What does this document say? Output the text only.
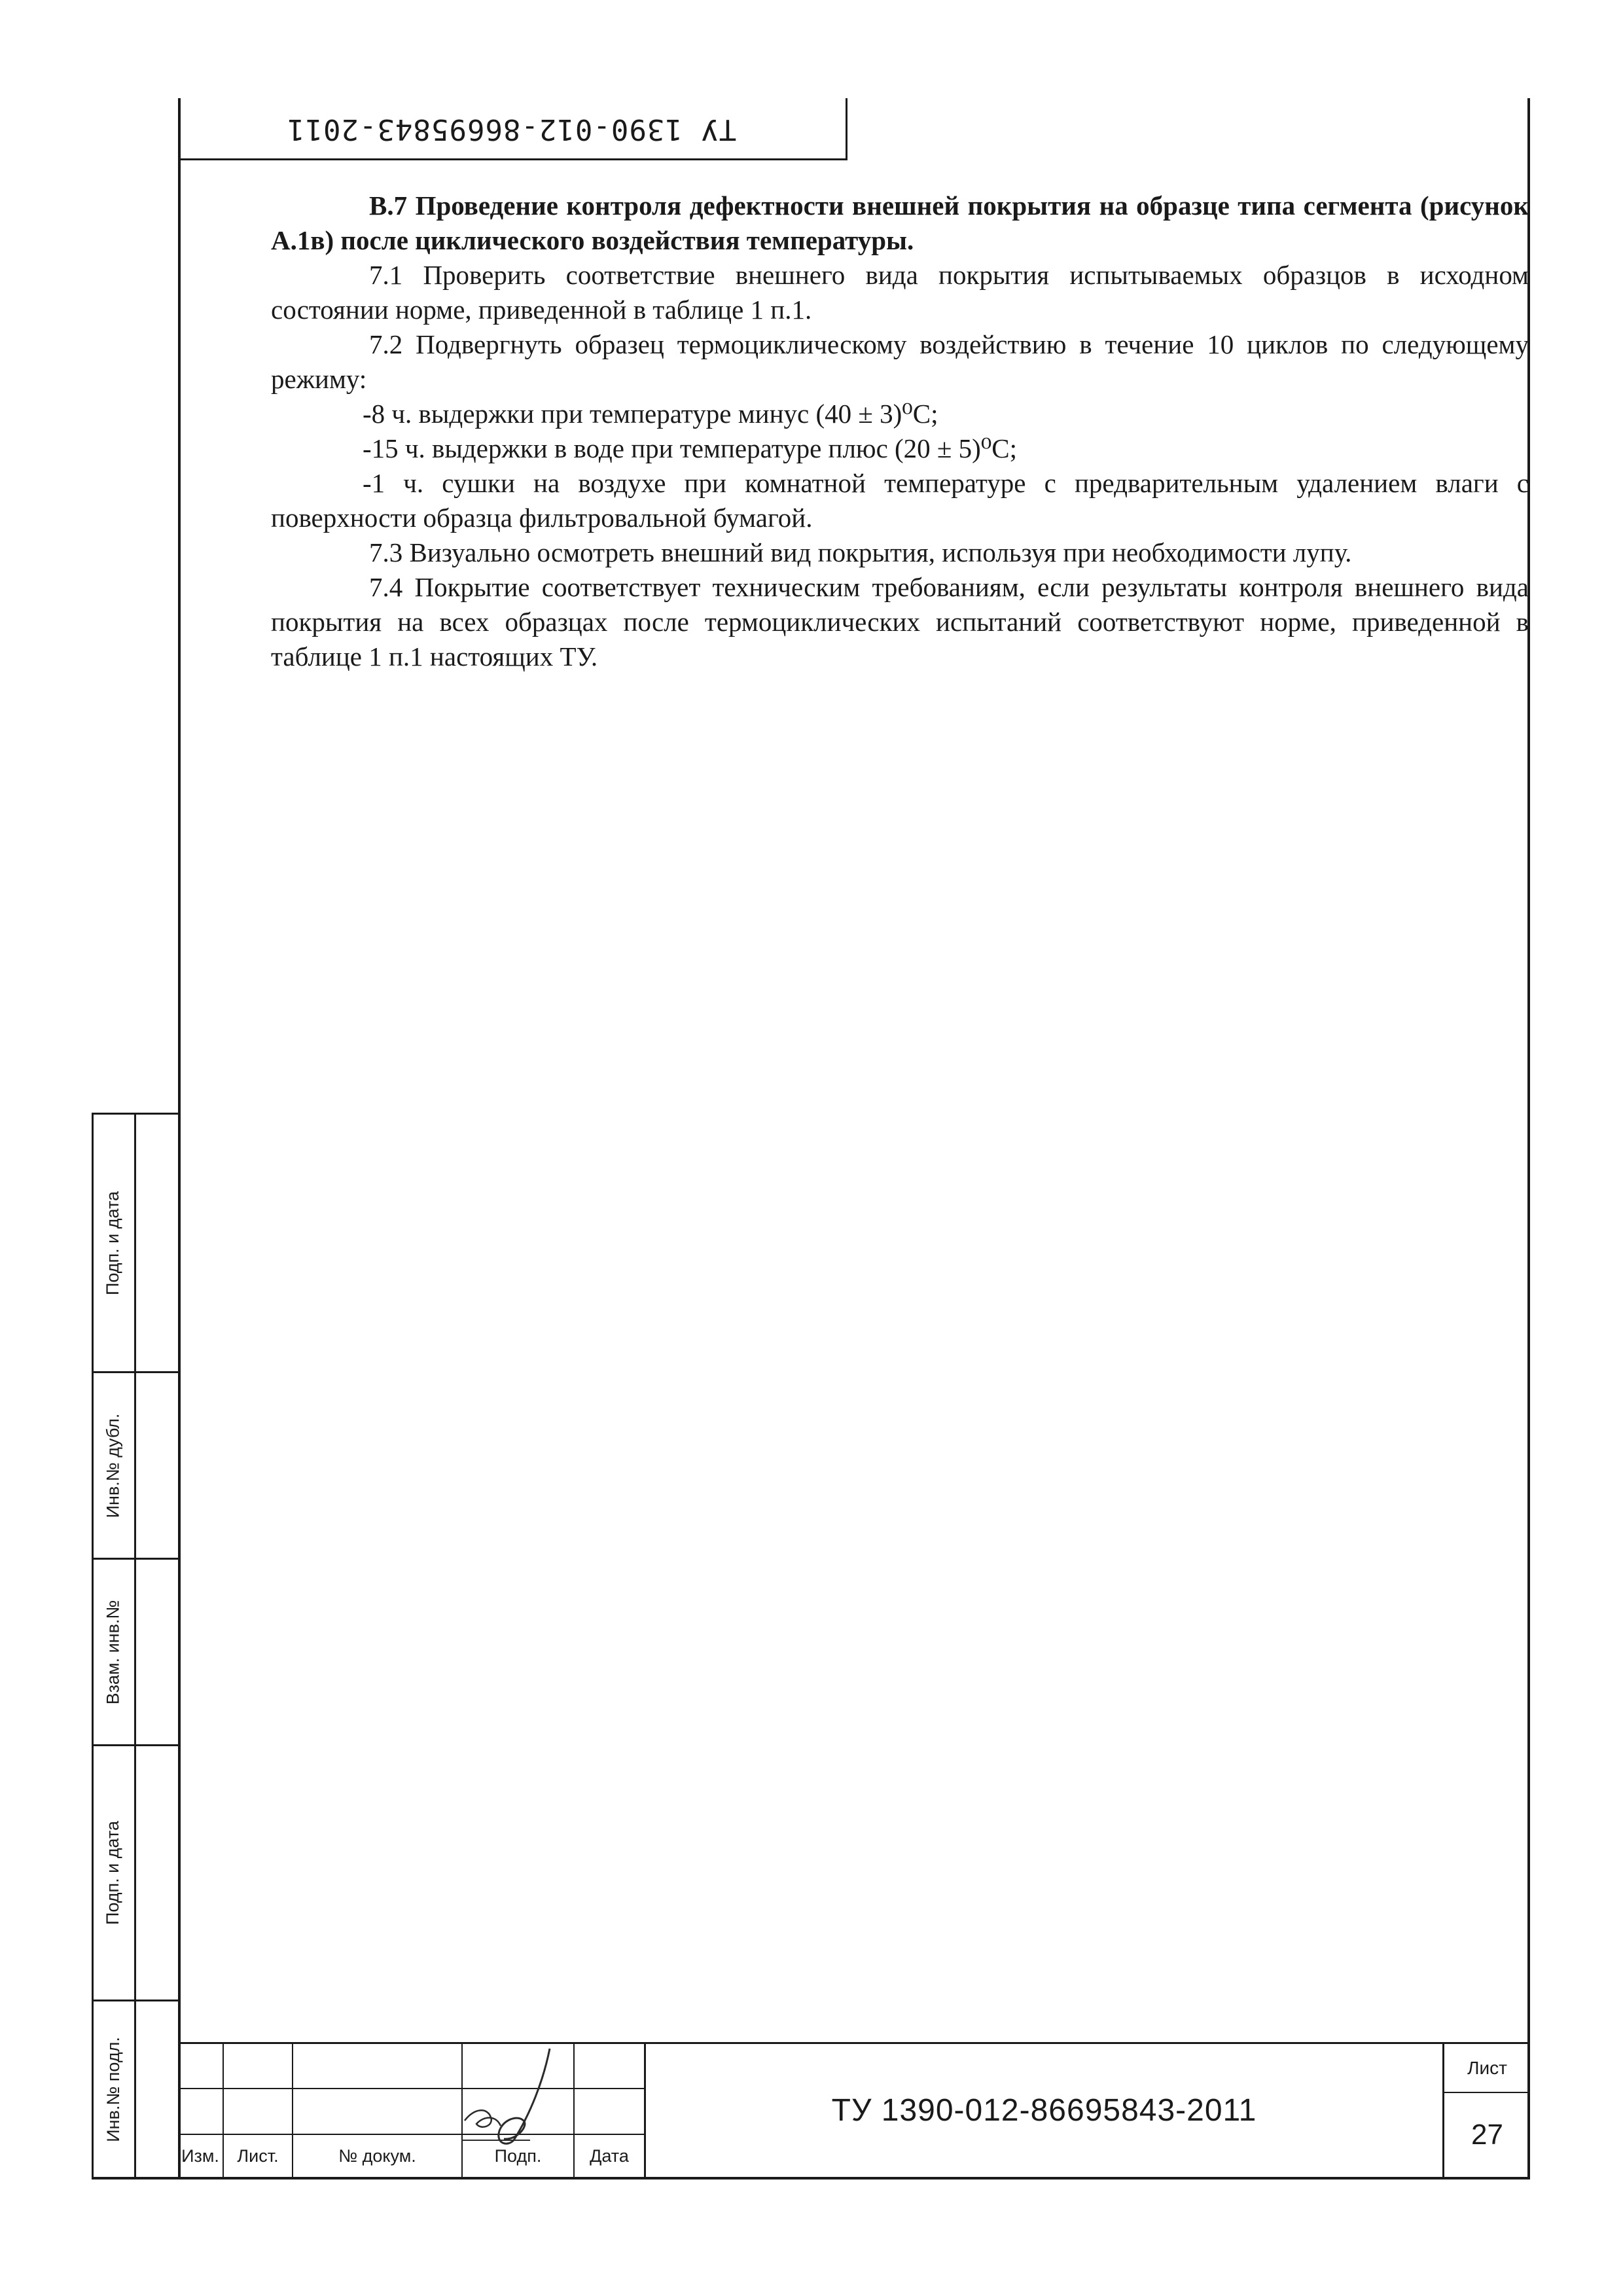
ТУ 1390-012-86695843-2011

В.7 Проведение контроля дефектности внешней покрытия на образце типа сегмента (рисунок А.1в) после циклического воздействия температуры.

7.1 Проверить соответствие внешнего вида покрытия испытываемых образцов в исходном состоянии норме, приведенной в таблице 1 п.1.

7.2 Подвергнуть образец термоциклическому воздействию в течение 10 циклов по следующему режиму:

-8 ч. выдержки при температуре минус (40 ± 3)⁰С;

-15 ч. выдержки в воде при температуре плюс (20 ± 5)⁰С;

-1 ч. сушки на воздухе при комнатной температуре с предварительным удалением влаги с поверхности образца фильтровальной бумагой.

7.3 Визуально осмотреть внешний вид покрытия, используя при необходимости лупу.

7.4 Покрытие соответствует техническим требованиям, если результаты контроля внешнего вида покрытия на всех образцах после термоциклических испытаний соответствуют норме, приведенной в таблице 1 п.1 настоящих ТУ.

Подп. и дата
Инв.№ дубл.
Взам. инв.№
Подп. и дата
Инв.№ подл.
Изм.	Лист.	№ докум.	Подп.	Дата
ТУ 1390-012-86695843-2011
Лист
27
